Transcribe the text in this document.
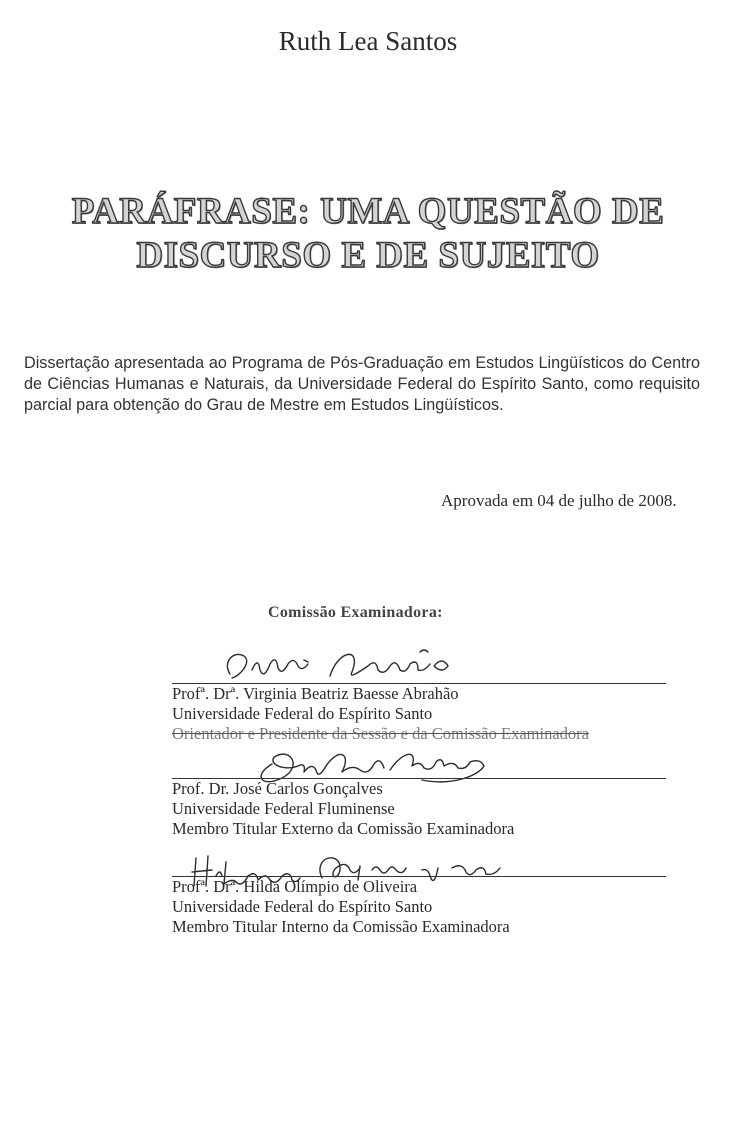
Ruth Lea Santos
PARÁFRASE: UMA QUESTÃO DE
DISCURSO E DE SUJEITO
Dissertação apresentada ao Programa de Pós-Graduação em Estudos Lingüísticos do Centro de Ciências Humanas e Naturais, da Universidade Federal do Espírito Santo, como requisito parcial para obtenção do Grau de Mestre em Estudos Lingüísticos.
Aprovada em 04 de julho de 2008.
Comissão Examinadora:
Profª. Drª. Virginia Beatriz Baesse Abrahão
Universidade Federal do Espírito Santo
Orientador e Presidente da Sessão e da Comissão Examinadora
Prof. Dr. José Carlos Gonçalves
Universidade Federal Fluminense
Membro Titular Externo da Comissão Examinadora
Profª. Drª. Hilda Olímpio de Oliveira
Universidade Federal do Espírito Santo
Membro Titular Interno da Comissão Examinadora
